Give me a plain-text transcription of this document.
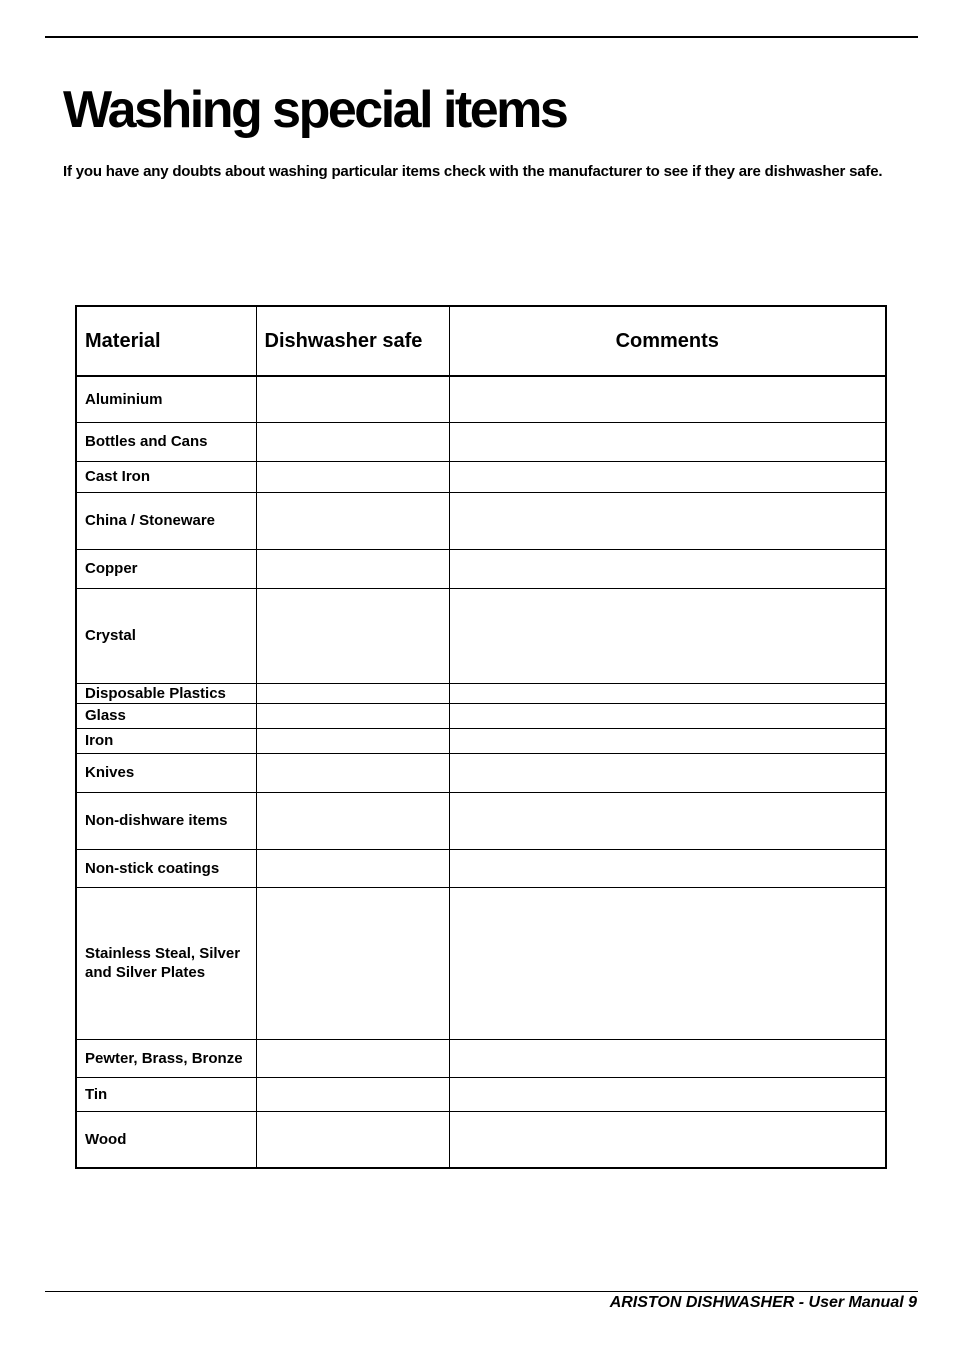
Washing special items

If you have any doubts about washing particular items check with the manufacturer to see if they are dishwasher safe.

Material	Dishwasher safe	Comments
Aluminium		
Bottles and Cans		
Cast Iron		
China / Stoneware		
Copper		
Crystal		
Disposable Plastics		
Glass		
Iron		
Knives		
Non-dishware items		
Non-stick coatings		
Stainless Steal, Silver and Silver Plates		
Pewter, Brass, Bronze		
Tin		
Wood		
ARISTON DISHWASHER - User Manual 9
